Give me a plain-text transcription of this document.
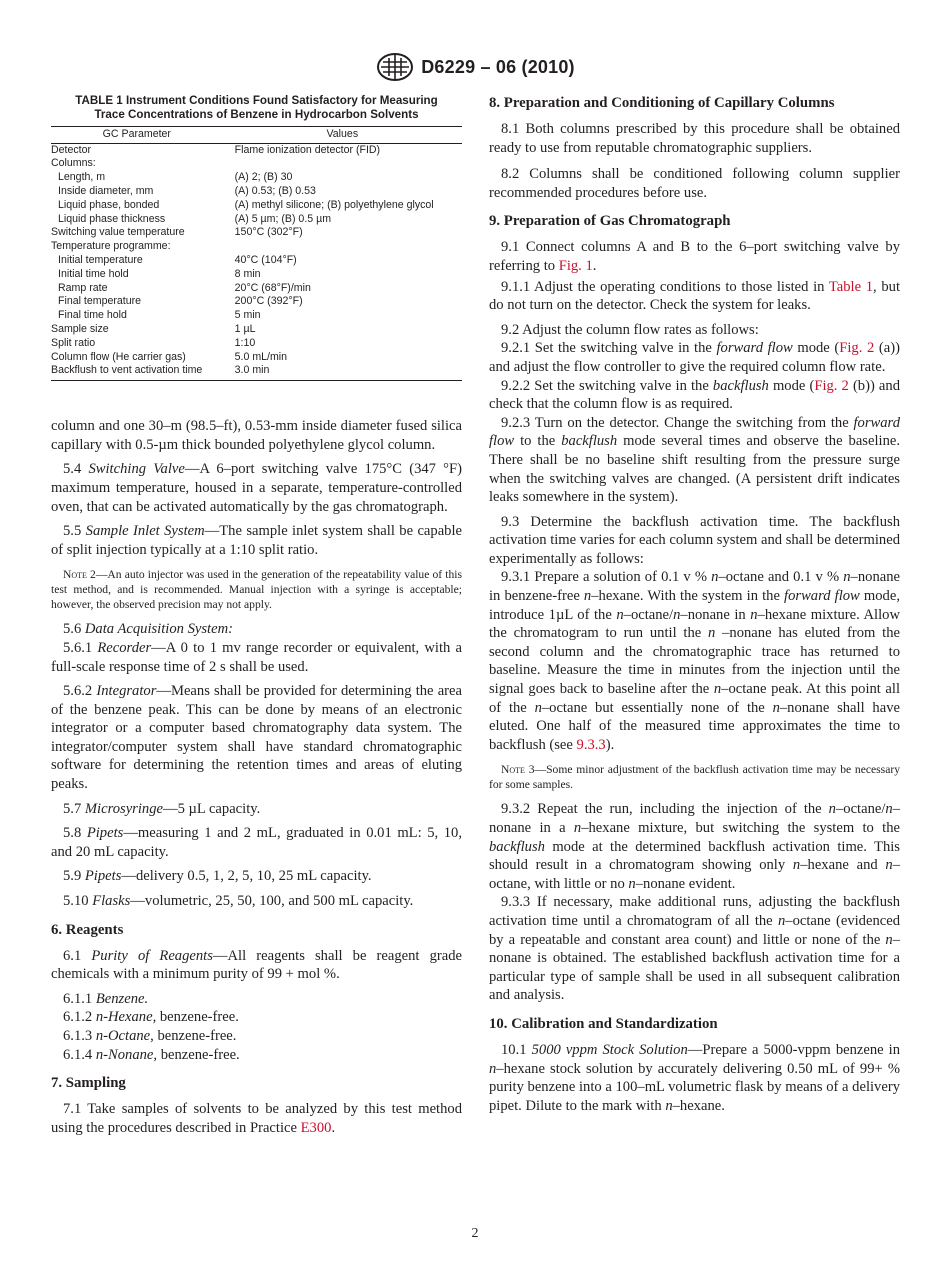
D6229 – 06 (2010)
TABLE 1 Instrument Conditions Found Satisfactory for Measuring Trace Concentrations of Benzene in Hydrocarbon Solvents
GC Parameter	Values
Detector	Flame ionization detector (FID)
Columns:	
Length, m	(A) 2; (B) 30
Inside diameter, mm	(A) 0.53; (B) 0.53
Liquid phase, bonded	(A) methyl silicone; (B) polyethylene glycol
Liquid phase thickness	(A) 5 µm; (B) 0.5 µm
Switching value temperature	150°C (302°F)
Temperature programme:	
Initial temperature	40°C (104°F)
Initial time hold	8 min
Ramp rate	20°C (68°F)/min
Final temperature	200°C (392°F)
Final time hold	5 min
Sample size	1 µL
Split ratio	1:10
Column flow (He carrier gas)	5.0 mL/min
Backflush to vent activation time	3.0 min

column and one 30–m (98.5–ft), 0.53-mm inside diameter fused silica capillary with 0.5-µm thick bounded polyethylene glycol column.

5.4 Switching Valve—A 6–port switching valve 175°C (347 °F) maximum temperature, housed in a separate, temperature-controlled oven, that can be activated automatically by the gas chromatograph.

5.5 Sample Inlet System—The sample inlet system shall be capable of split injection typically at a 1:10 split ratio.

Note 2—An auto injector was used in the generation of the repeatability value of this test method, and is recommended. Manual injection with a syringe is acceptable; however, the observed precision may not apply.

5.6 Data Acquisition System:

5.6.1 Recorder—A 0 to 1 mv range recorder or equivalent, with a full-scale response time of 2 s shall be used.

5.6.2 Integrator—Means shall be provided for determining the area of the benzene peak. This can be done by means of an electronic integrator or a computer based chromatography data system. The integrator/computer system shall have standard chromatographic software for determining the retention times and areas of eluting peaks.

5.7 Microsyringe—5 µL capacity.

5.8 Pipets—measuring 1 and 2 mL, graduated in 0.01 mL: 5, 10, and 20 mL capacity.

5.9 Pipets—delivery 0.5, 1, 2, 5, 10, 25 mL capacity.

5.10 Flasks—volumetric, 25, 50, 100, and 500 mL capacity.

6. Reagents

6.1 Purity of Reagents—All reagents shall be reagent grade chemicals with a minimum purity of 99 + mol %.

6.1.1 Benzene.

6.1.2 n-Hexane, benzene-free.

6.1.3 n-Octane, benzene-free.

6.1.4 n-Nonane, benzene-free.

7. Sampling

7.1 Take samples of solvents to be analyzed by this test method using the procedures described in Practice E300.

8. Preparation and Conditioning of Capillary Columns

8.1 Both columns prescribed by this procedure shall be obtained ready to use from reputable chromatographic suppliers.

8.2 Columns shall be conditioned following column supplier recommended procedures before use.

9. Preparation of Gas Chromatograph

9.1 Connect columns A and B to the 6–port switching valve by referring to Fig. 1.

9.1.1 Adjust the operating conditions to those listed in Table 1, but do not turn on the detector. Check the system for leaks.

9.2 Adjust the column flow rates as follows:

9.2.1 Set the switching valve in the forward flow mode (Fig. 2 (a)) and adjust the flow controller to give the required column flow rate.

9.2.2 Set the switching valve in the backflush mode (Fig. 2 (b)) and check that the column flow is as required.

9.2.3 Turn on the detector. Change the switching from the forward flow to the backflush mode several times and observe the baseline. There shall be no baseline shift resulting from the pressure surge when the switching valves are changed. (A persistent drift indicates leaks somewhere in the system).

9.3 Determine the backflush activation time. The backflush activation time varies for each column system and shall be determined experimentally as follows:

9.3.1 Prepare a solution of 0.1 v % n–octane and 0.1 v % n–nonane in benzene-free n–hexane. With the system in the forward flow mode, introduce 1µL of the n–octane/n–nonane in n–hexane mixture. Allow the chromatogram to run until the n –nonane has eluted from the second column and the chromatographic trace has returned to baseline. Measure the time in minutes from the injection until the signal goes back to baseline after the n–octane peak. At this point all of the n–octane but essentially none of the n–nonane shall have eluted. One half of the measured time approximates the time to backflush (see 9.3.3).

Note 3—Some minor adjustment of the backflush activation time may be necessary for some samples.

9.3.2 Repeat the run, including the injection of the n–octane/n–nonane in a n–hexane mixture, but switching the system to the backflush mode at the determined backflush activation time. This should result in a chromatogram showing only n–hexane and n–octane, with little or no n–nonane evident.

9.3.3 If necessary, make additional runs, adjusting the backflush activation time until a chromatogram of all the n–octane (evidenced by a repeatable and constant area count) and little or none of the n–nonane is obtained. The established backflush activation time for a particular type of sample shall be used in all subsequent calibration and analysis.

10. Calibration and Standardization

10.1 5000 vppm Stock Solution—Prepare a 5000-vppm benzene in n–hexane stock solution by accurately delivering 0.50 mL of 99+ % purity benzene into a 100–mL volumetric flask by means of a delivery pipet. Dilute to the mark with n–hexane.

2
